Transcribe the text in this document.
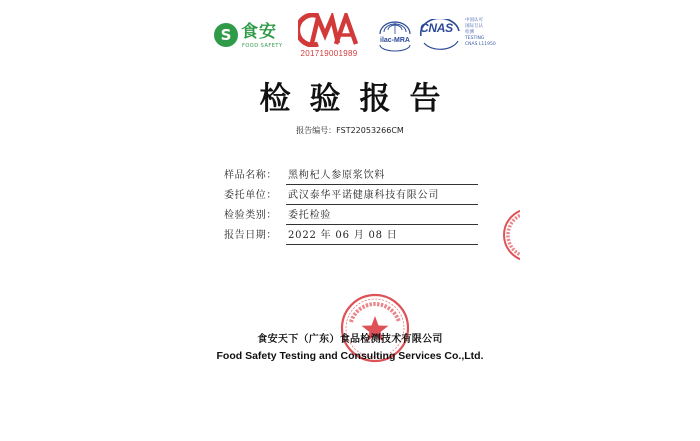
S 食安
FOOD SAFETY
201719001989
ilac-MRA
CNAS
中国认可
国际互认
检测
TESTING
CNAS L11950
检验报告
报告编号：FST22053266CM
样品名称：	黑枸杞人参原浆饮料
委托单位：	武汉泰华平诺健康科技有限公司
检验类别：	委托检验
报告日期：	2022 年 06 月 08 日
食安天下（广东）食品检测技术有限公司
Food Safety Testing and Consulting Services Co.,Ltd.
